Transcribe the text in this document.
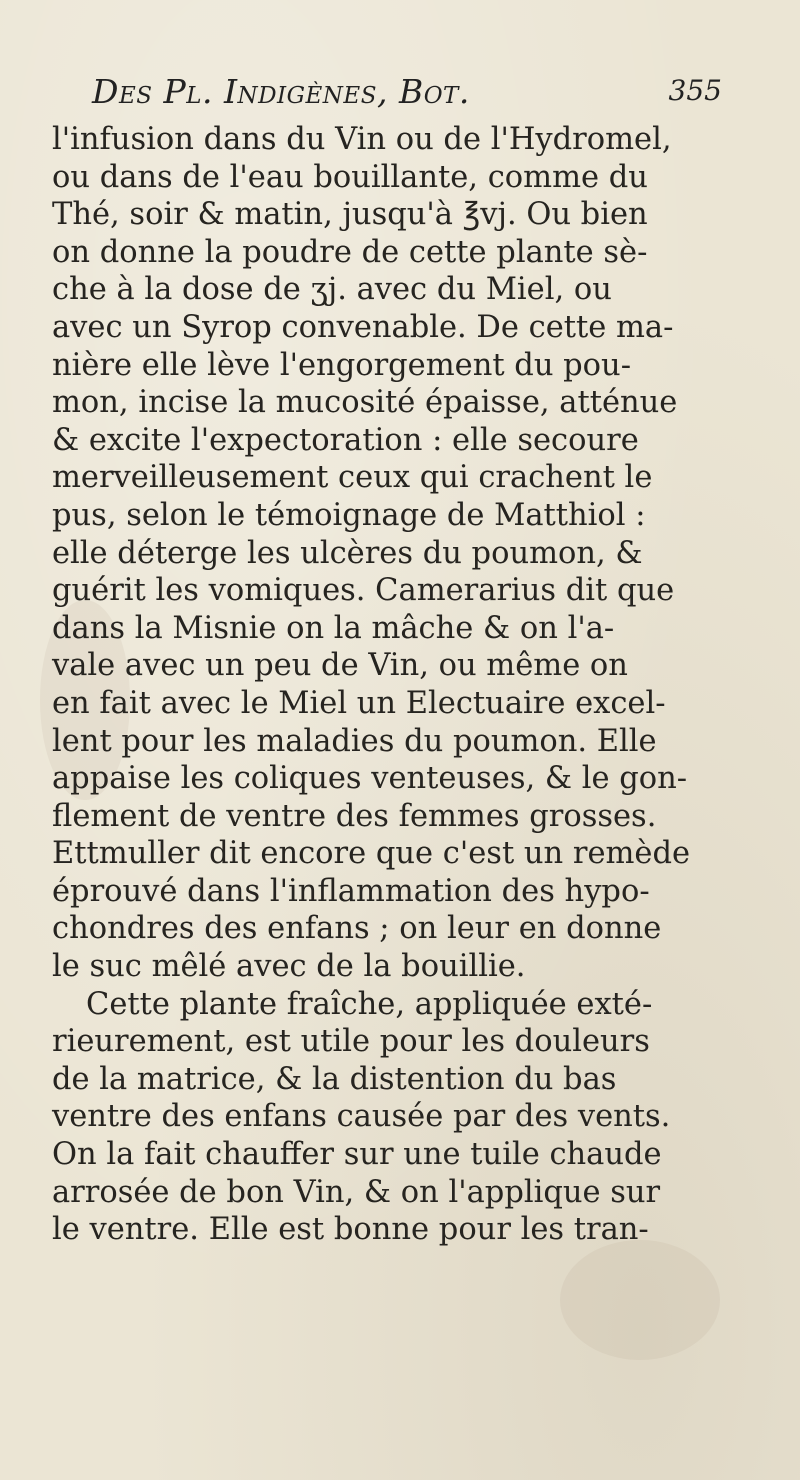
Des Pl. Indigènes, Bot.	355
l'infusion dans du Vin ou de l'Hydromel,
ou dans de l'eau bouillante, comme du
Thé, soir & matin, jusqu'à ℥vj. Ou bien
on donne la poudre de cette plante sè-
che à la dose de ʒj. avec du Miel, ou
avec un Syrop convenable. De cette ma-
nière elle lève l'engorgement du pou-
mon, incise la mucosité épaisse, atténue
& excite l'expectoration : elle secoure
merveilleusement ceux qui crachent le
pus, selon le témoignage de Matthiol :
elle déterge les ulcères du poumon, &
guérit les vomiques. Camerarius dit que
dans la Misnie on la mâche & on l'a-
vale avec un peu de Vin, ou même on
en fait avec le Miel un Electuaire excel-
lent pour les maladies du poumon. Elle
appaise les coliques venteuses, & le gon-
flement de ventre des femmes grosses.
Ettmuller dit encore que c'est un remède
éprouvé dans l'inflammation des hypo-
chondres des enfans ; on leur en donne
le suc mêlé avec de la bouillie.
Cette plante fraîche, appliquée exté-
rieurement, est utile pour les douleurs
de la matrice, & la distention du bas
ventre des enfans causée par des vents.
On la fait chauffer sur une tuile chaude
arrosée de bon Vin, & on l'applique sur
le ventre. Elle est bonne pour les tran-
